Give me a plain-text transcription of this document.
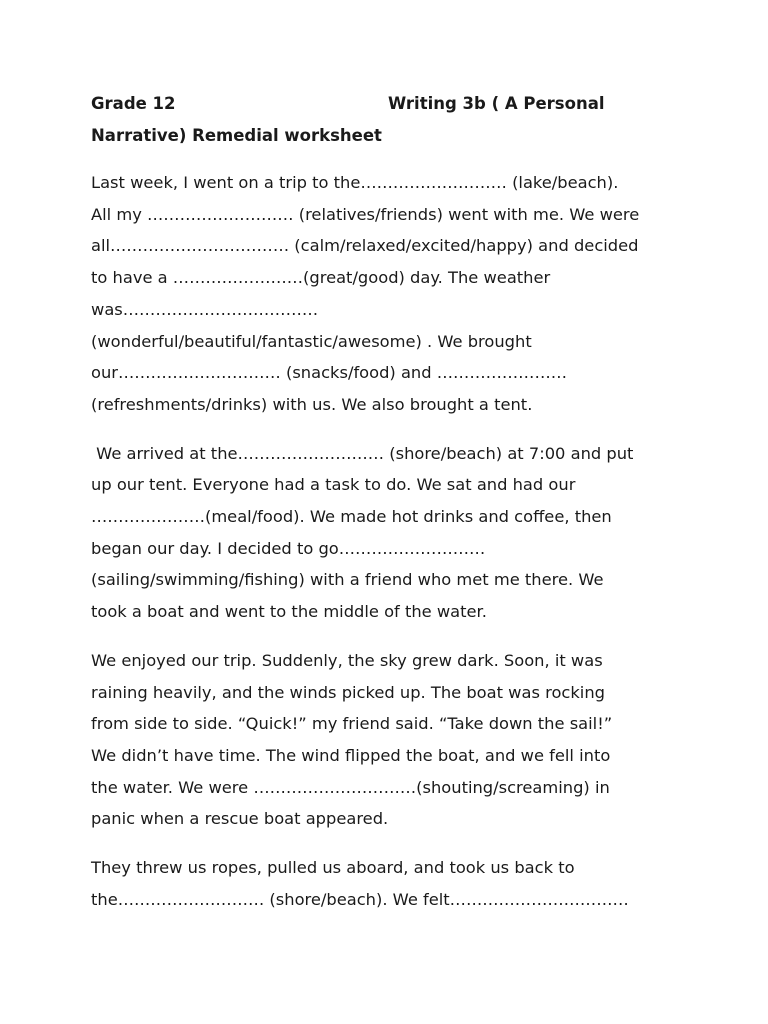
Grade 12	Writing 3b ( A Personal
Narrative) Remedial worksheet

Last week, I went on a trip to the……………………… (lake/beach).
All my ……………………… (relatives/friends) went with me. We were
all…………………………… (calm/relaxed/excited/happy) and decided
to have a ……………………(great/good) day. The weather
was………………………………
(wonderful/beautiful/fantastic/awesome) . We brought
our………………………… (snacks/food) and ……………………
(refreshments/drinks) with us. We also brought a tent.

We arrived at the……………………… (shore/beach) at 7:00 and put
up our tent. Everyone had a task to do. We sat and had our
…………………(meal/food). We made hot drinks and coffee, then
began our day. I decided to go………………………
(sailing/swimming/fishing) with a friend who met me there. We
took a boat and went to the middle of the water.

We enjoyed our trip. Suddenly, the sky grew dark. Soon, it was
raining heavily, and the winds picked up. The boat was rocking
from side to side. “Quick!” my friend said. “Take down the sail!”
We didn’t have time. The wind flipped the boat, and we fell into
the water. We were …………………………(shouting/screaming) in
panic when a rescue boat appeared.

They threw us ropes, pulled us aboard, and took us back to
the……………………… (shore/beach). We felt……………………………
